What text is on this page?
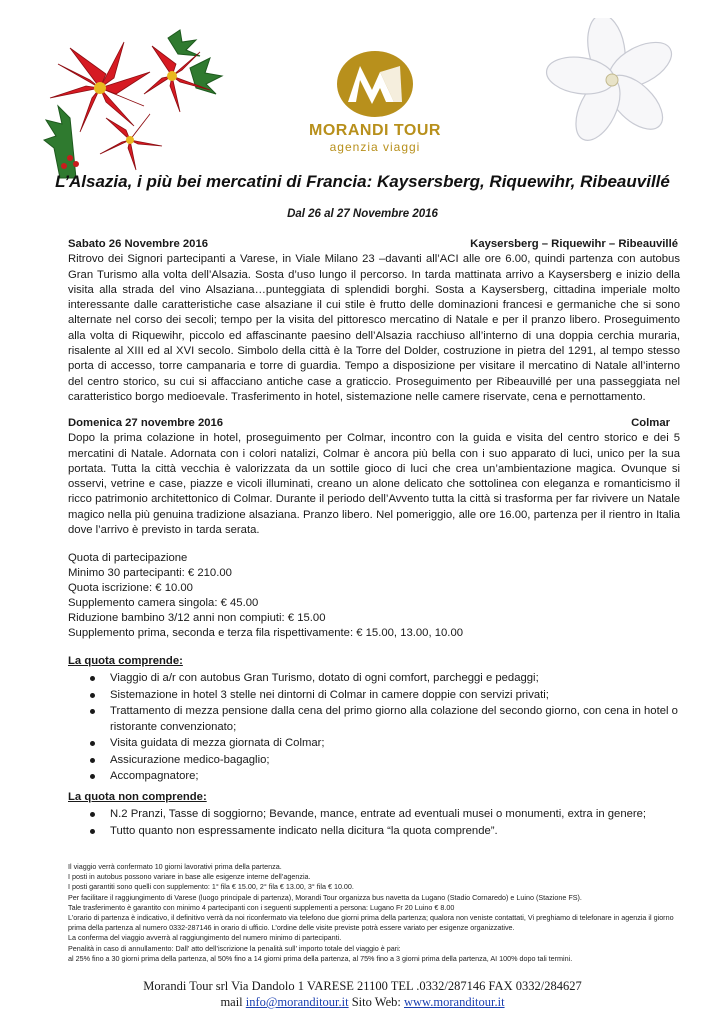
MORANDI TOUR
agenzia viaggi
L’Alsazia, i più bei mercatini di Francia: Kaysersberg, Riquewihr, Ribeauvillé
Dal 26 al 27 Novembre 2016
Sabato 26 Novembre 2016	Kaysersberg – Riquewihr – Ribeauvillé

Ritrovo dei Signori partecipanti a Varese, in Viale Milano 23 –davanti all’ACI alle ore 6.00, quindi partenza con autobus Gran Turismo alla volta dell’Alsazia. Sosta d’uso lungo il percorso. In tarda mattinata arrivo a Kaysersberg e inizio della visita alla strada del vino Alsaziana…punteggiata di splendidi borghi. Sosta a Kaysersberg, cittadina imperiale molto interessante dalle caratteristiche case alsaziane il cui stile è frutto delle dominazioni francesi e germaniche che si sono alternate nel corso dei secoli; tempo per la visita del pittoresco mercatino di Natale e per il pranzo libero. Proseguimento alla volta di Riquewihr, piccolo ed affascinante paesino dell’Alsazia racchiuso all’interno di una doppia cerchia muraria, risalente al XIII ed al XVI secolo. Simbolo della città è la Torre del Dolder, costruzione in pietra del 1291, al tempo stesso porta di accesso, torre campanaria e torre di guardia. Tempo a disposizione per visitare il mercatino di Natale all’interno del centro storico, su cui si affacciano antiche case a graticcio. Proseguimento per Ribeauvillé per una passeggiata nel caratteristico borgo medioevale. Trasferimento in hotel, sistemazione nelle camere riservate, cena e pernottamento.

Domenica 27 novembre 2016	Colmar

Dopo la prima colazione in hotel, proseguimento per Colmar, incontro con la guida e visita del centro storico e dei 5 mercatini di Natale. Adornata con i colori natalizi, Colmar è ancora più bella con i suo apparato di luci, unico per la sua portata. Tutta la città vecchia è valorizzata da un sottile gioco di luci che crea un’ambientazione magica. Ovunque si osservi, vetrine e case, piazze e vicoli illuminati, creano un alone delicato che sottolinea con eleganza e romanticismo il ricco patrimonio architettonico di Colmar. Durante il periodo dell’Avvento tutta la città si trasforma per far rivivere un Natale magico nella più genuina tradizione alsaziana. Pranzo libero. Nel pomeriggio, alle ore 16.00, partenza per il rientro in Italia dove l’arrivo è previsto in tarda serata.

Quota di partecipazione
Minimo 30 partecipanti: € 210.00
Quota iscrizione: € 10.00
Supplemento camera singola: € 45.00
Riduzione bambino 3/12 anni non compiuti: € 15.00
Supplemento prima, seconda e terza fila rispettivamente: € 15.00, 13.00, 10.00
La quota comprende:
Viaggio di a/r con autobus Gran Turismo, dotato di ogni comfort, parcheggi e pedaggi;
Sistemazione in hotel 3 stelle nei dintorni di Colmar in camere doppie con servizi privati;
Trattamento di mezza pensione dalla cena del primo giorno alla colazione del secondo giorno, con cena in hotel o ristorante convenzionato;
Visita guidata di mezza giornata di Colmar;
Assicurazione medico-bagaglio;
Accompagnatore;
La quota non comprende:
N.2 Pranzi, Tasse di soggiorno; Bevande, mance, entrate ad eventuali musei o monumenti, extra in genere;
Tutto quanto non espressamente indicato nella dicitura “la quota comprende”.
Il viaggio verrà confermato 10 giorni lavorativi prima della partenza.
I posti in autobus possono variare in base alle esigenze interne dell’agenzia.
I posti garantiti sono quelli con supplemento: 1° fila € 15.00, 2° fila € 13.00, 3° fila € 10.00.
Per facilitare il raggiungimento di Varese (luogo principale di partenza), Morandi Tour organizza bus navetta da Lugano (Stadio Cornaredo) e Luino (Stazione FS).
Tale trasferimento è garantito con minimo 4 partecipanti con i seguenti supplementi a persona: Lugano Fr 20 Luino € 8.00
L’orario di partenza è indicativo, il definitivo verrà da noi riconfermato via telefono due giorni prima della partenza; qualora non veniste contattati, Vi preghiamo di telefonare in agenzia il giorno prima della partenza al numero 0332-287146 in orario di ufficio. L’ordine delle visite previste potrà essere variato per esigenze organizzative.
La conferma del viaggio avverrà al raggiungimento del numero minimo di partecipanti.
Penalità in caso di annullamento: Dall’ atto dell’iscrizione la penalità sull’ importo totale del viaggio è pari:
al 25% fino a 30 giorni prima della partenza, al 50% fino a 14 giorni prima della partenza, al 75% fino a 3 giorni prima della partenza, AI 100% dopo tali termini.
Morandi Tour srl Via Dandolo 1 VARESE 21100 TEL .0332/287146 FAX 0332/284627
mail info@moranditour.it Sito Web: www.moranditour.it
